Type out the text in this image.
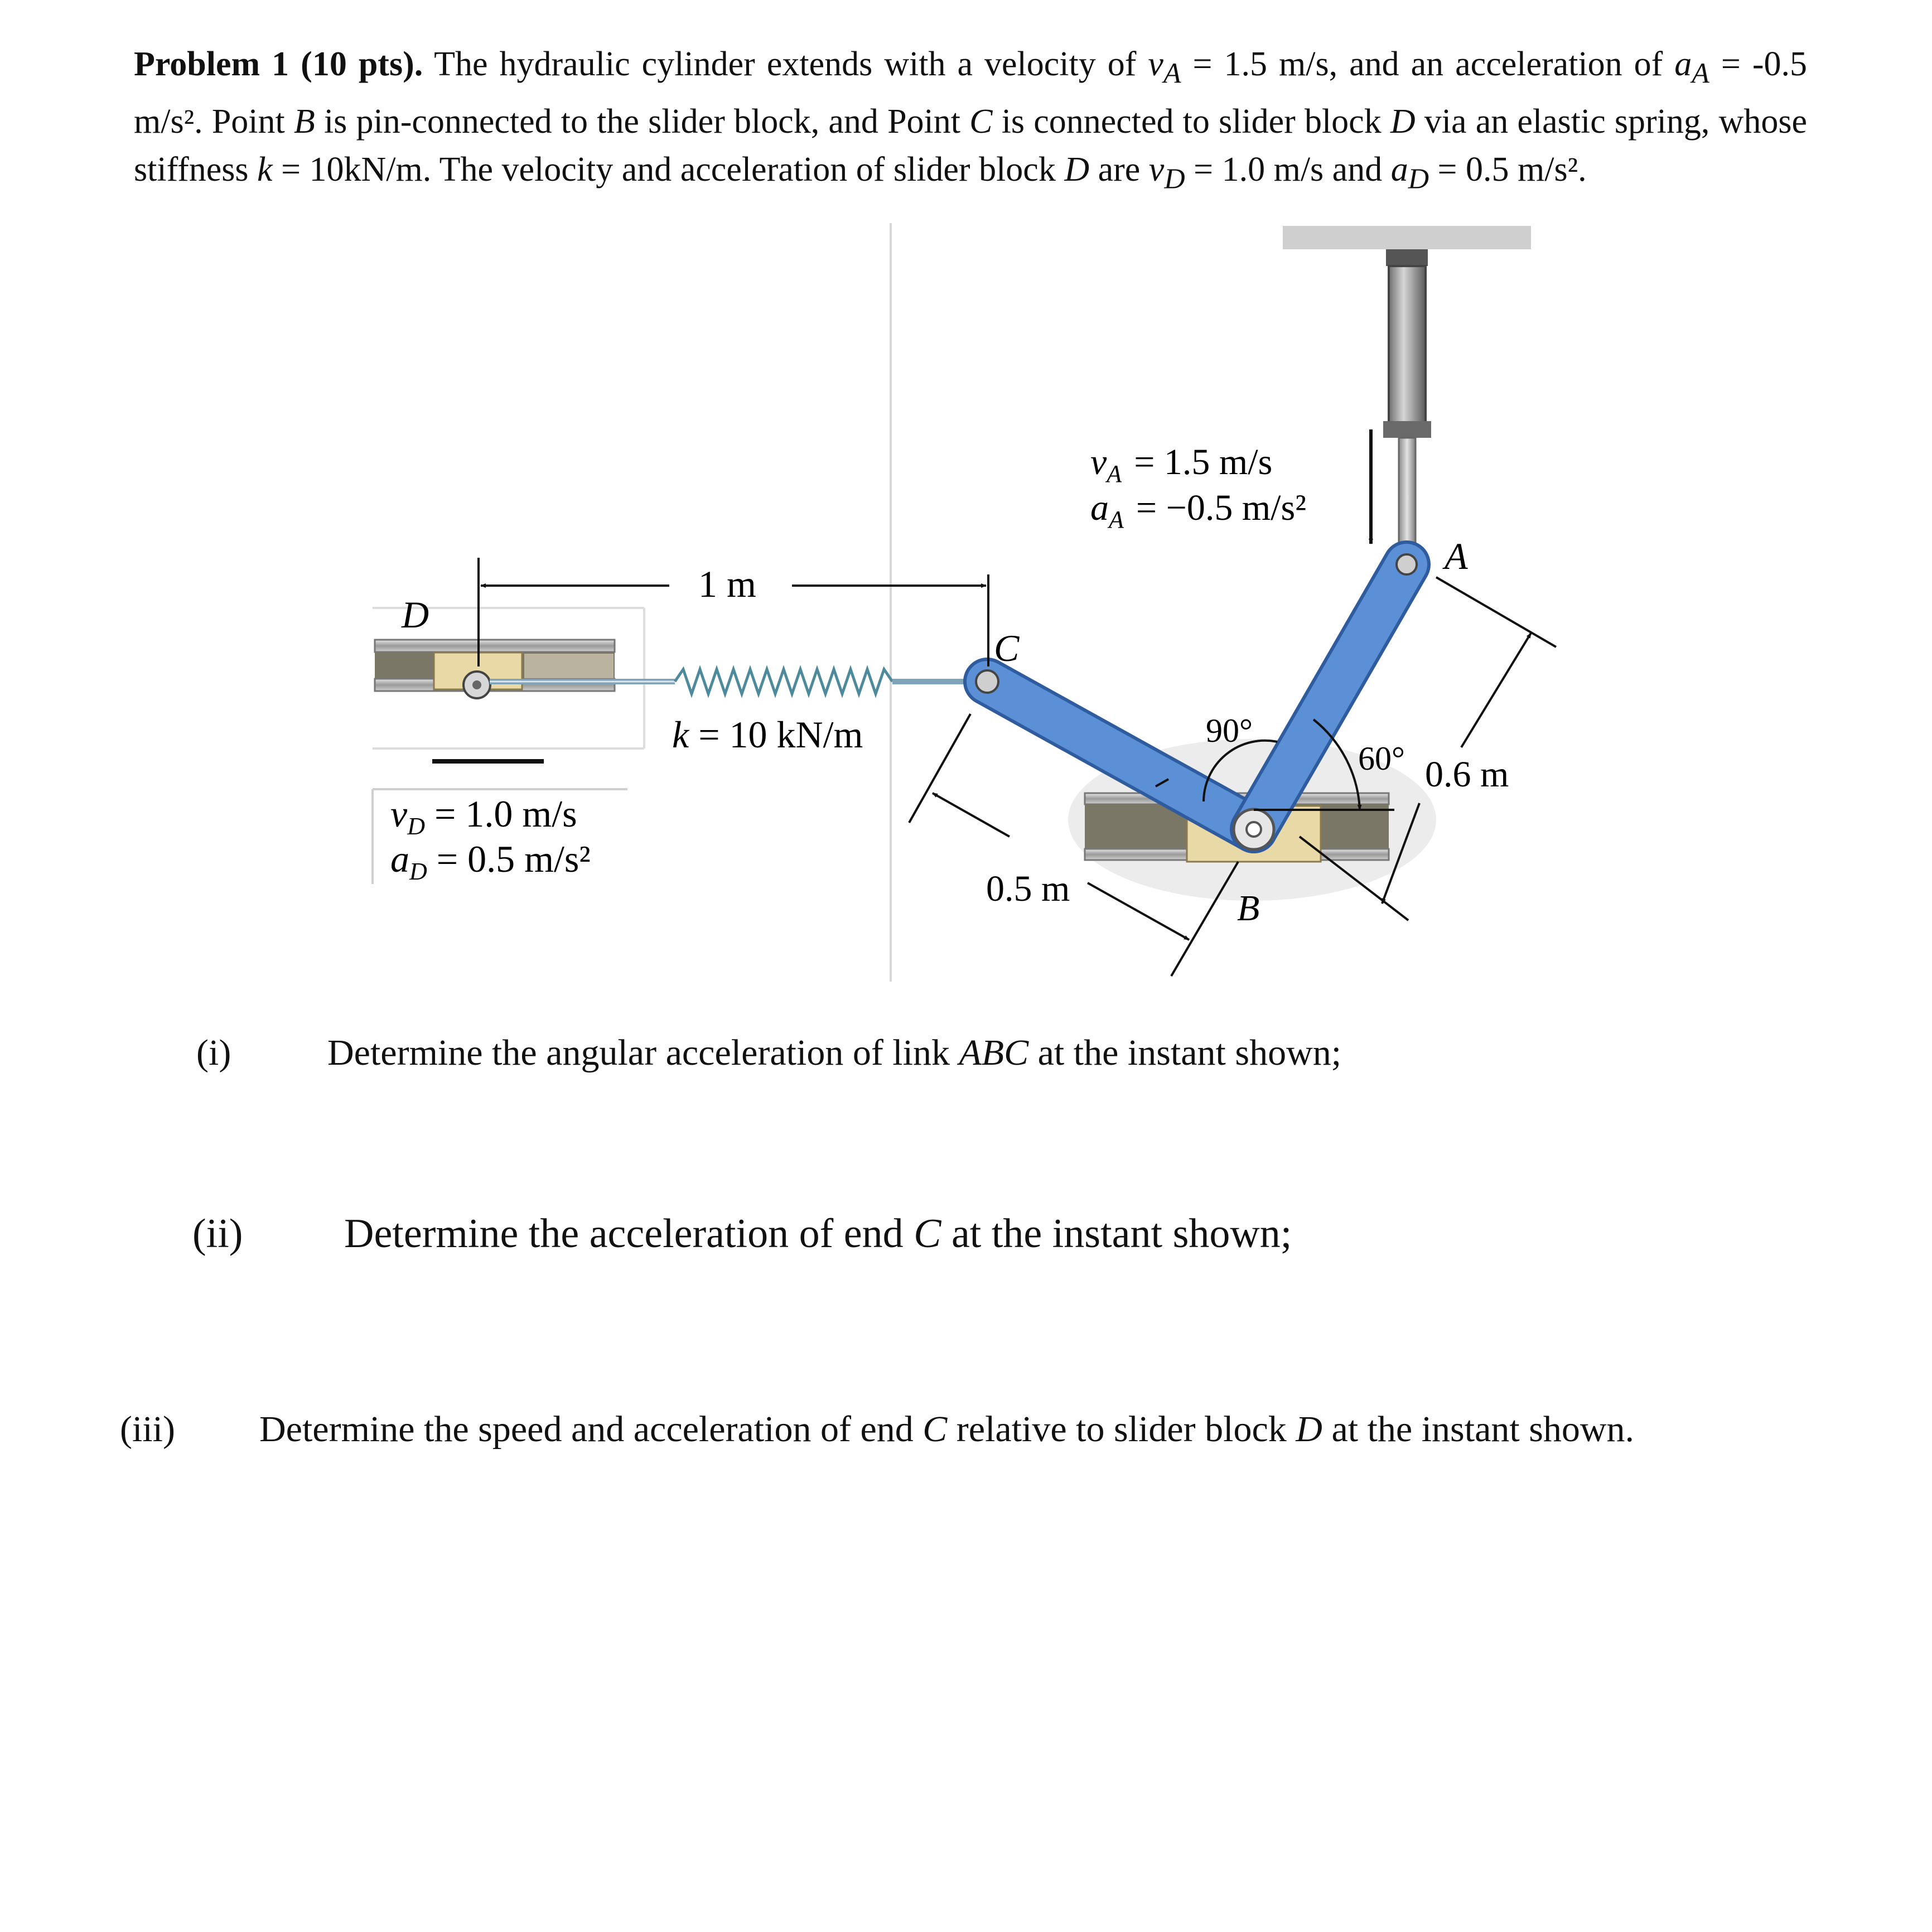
Problem 1 (10 pts). The hydraulic cylinder extends with a velocity of $v_A = 1.5$ m/s, and an acceleration of $a_A = -0.5$ m/s². Point B is pin-connected to the slider block, and Point C is connected to slider block D via an elastic spring, whose stiffness k = 10kN/m. The velocity and acceleration of slider block D are $v_D = 1.0$ m/s and $a_D = 0.5$ m/s².
$v_A = 1.5$ m/s
$a_A = -0.5$ m/s²
A
1 m
D
C
k = 10 kN/m	90°
60° 0.6 m
0.5 m	B
$v_D = 1.0$ m/s
$a_D = 0.5$ m/s²
(i)	Determine the angular acceleration of link ABC at the instant shown;
(ii) Determine the acceleration of end C at the instant shown;
(iii) Determine the speed and acceleration of end C relative to slider block D at the instant shown.
